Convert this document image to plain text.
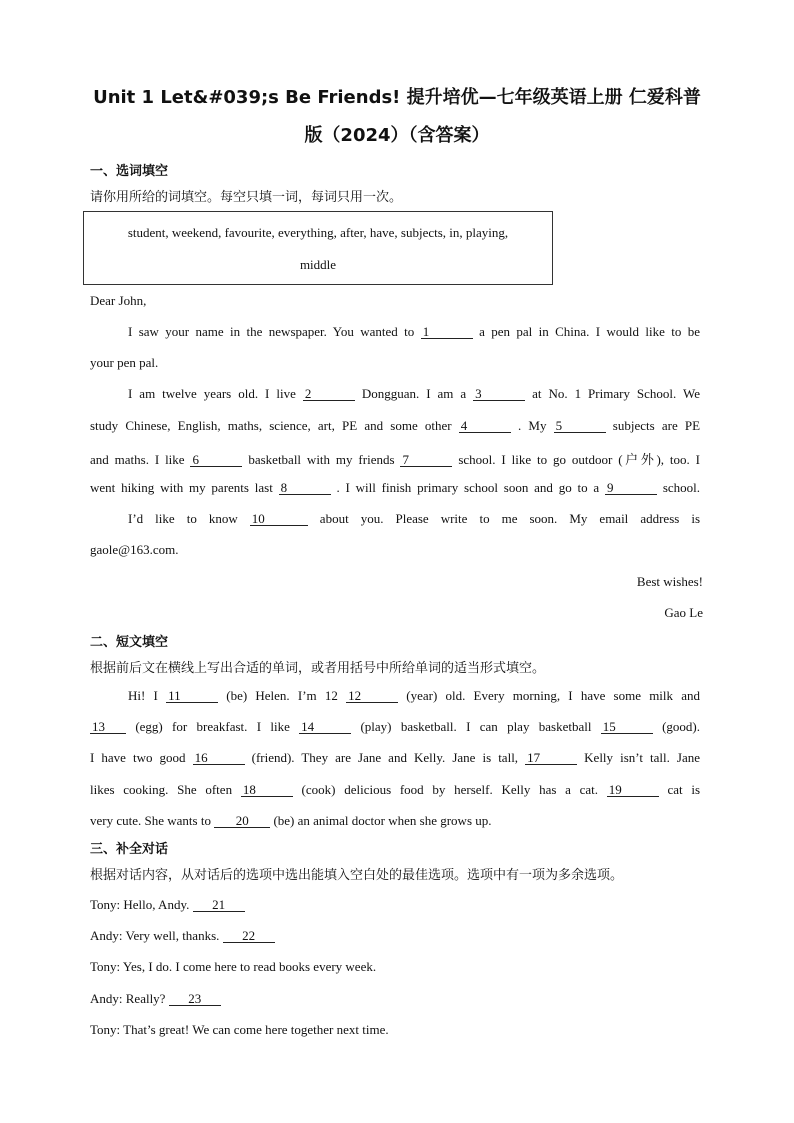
Unit 1 Let&#039;s Be Friends! 提升培优—七年级英语上册 仁爱科普
版（2024）（含答案）
一、选词填空
请你用所给的词填空。每空只填一词，每词只用一次。
student, weekend, favourite, everything, after, have, subjects, in, playing,
middle
Dear John,
I saw your name in the newspaper. You wanted to 1	a pen pal in China. I would like to be
your pen pal.
I am twelve years old. I live 2	Dongguan. I am a 3	at No. 1 Primary School. We
study Chinese, English, maths, science, art, PE and some other 4	. My 5	subjects are PE
and maths. I like 6	basketball with my friends 7	school. I like to go outdoor (户外), too. I
went hiking with my parents last 8	. I will finish primary school soon and go to a 9	school.
I’d like to know 10	about you. Please write to me soon. My email address is
gaole@163.com.
Best wishes!
Gao Le
二、短文填空
根据前后文在横线上写出合适的单词，或者用括号中所给单词的适当形式填空。
Hi! I 11	(be) Helen. I’m 12 12	(year) old. Every morning, I have some milk and
13 (egg) for breakfast. I like 14	(play) basketball. I can play basketball 15	(good).
I have two good 16	(friend). They are Jane and Kelly. Jane is tall, 17	Kelly isn’t tall. Jane
likes cooking. She often 18	(cook) delicious food by herself. Kelly has a cat. 19	cat is
very cute. She wants to 20 (be) an animal doctor when she grows up.
三、补全对话
根据对话内容，从对话后的选项中选出能填入空白处的最佳选项。选项中有一项为多余选项。
Tony: Hello, Andy. 21
Andy: Very well, thanks. 22
Tony: Yes, I do. I come here to read books every week.
Andy: Really? 23
Tony: That’s great! We can come here together next time.
